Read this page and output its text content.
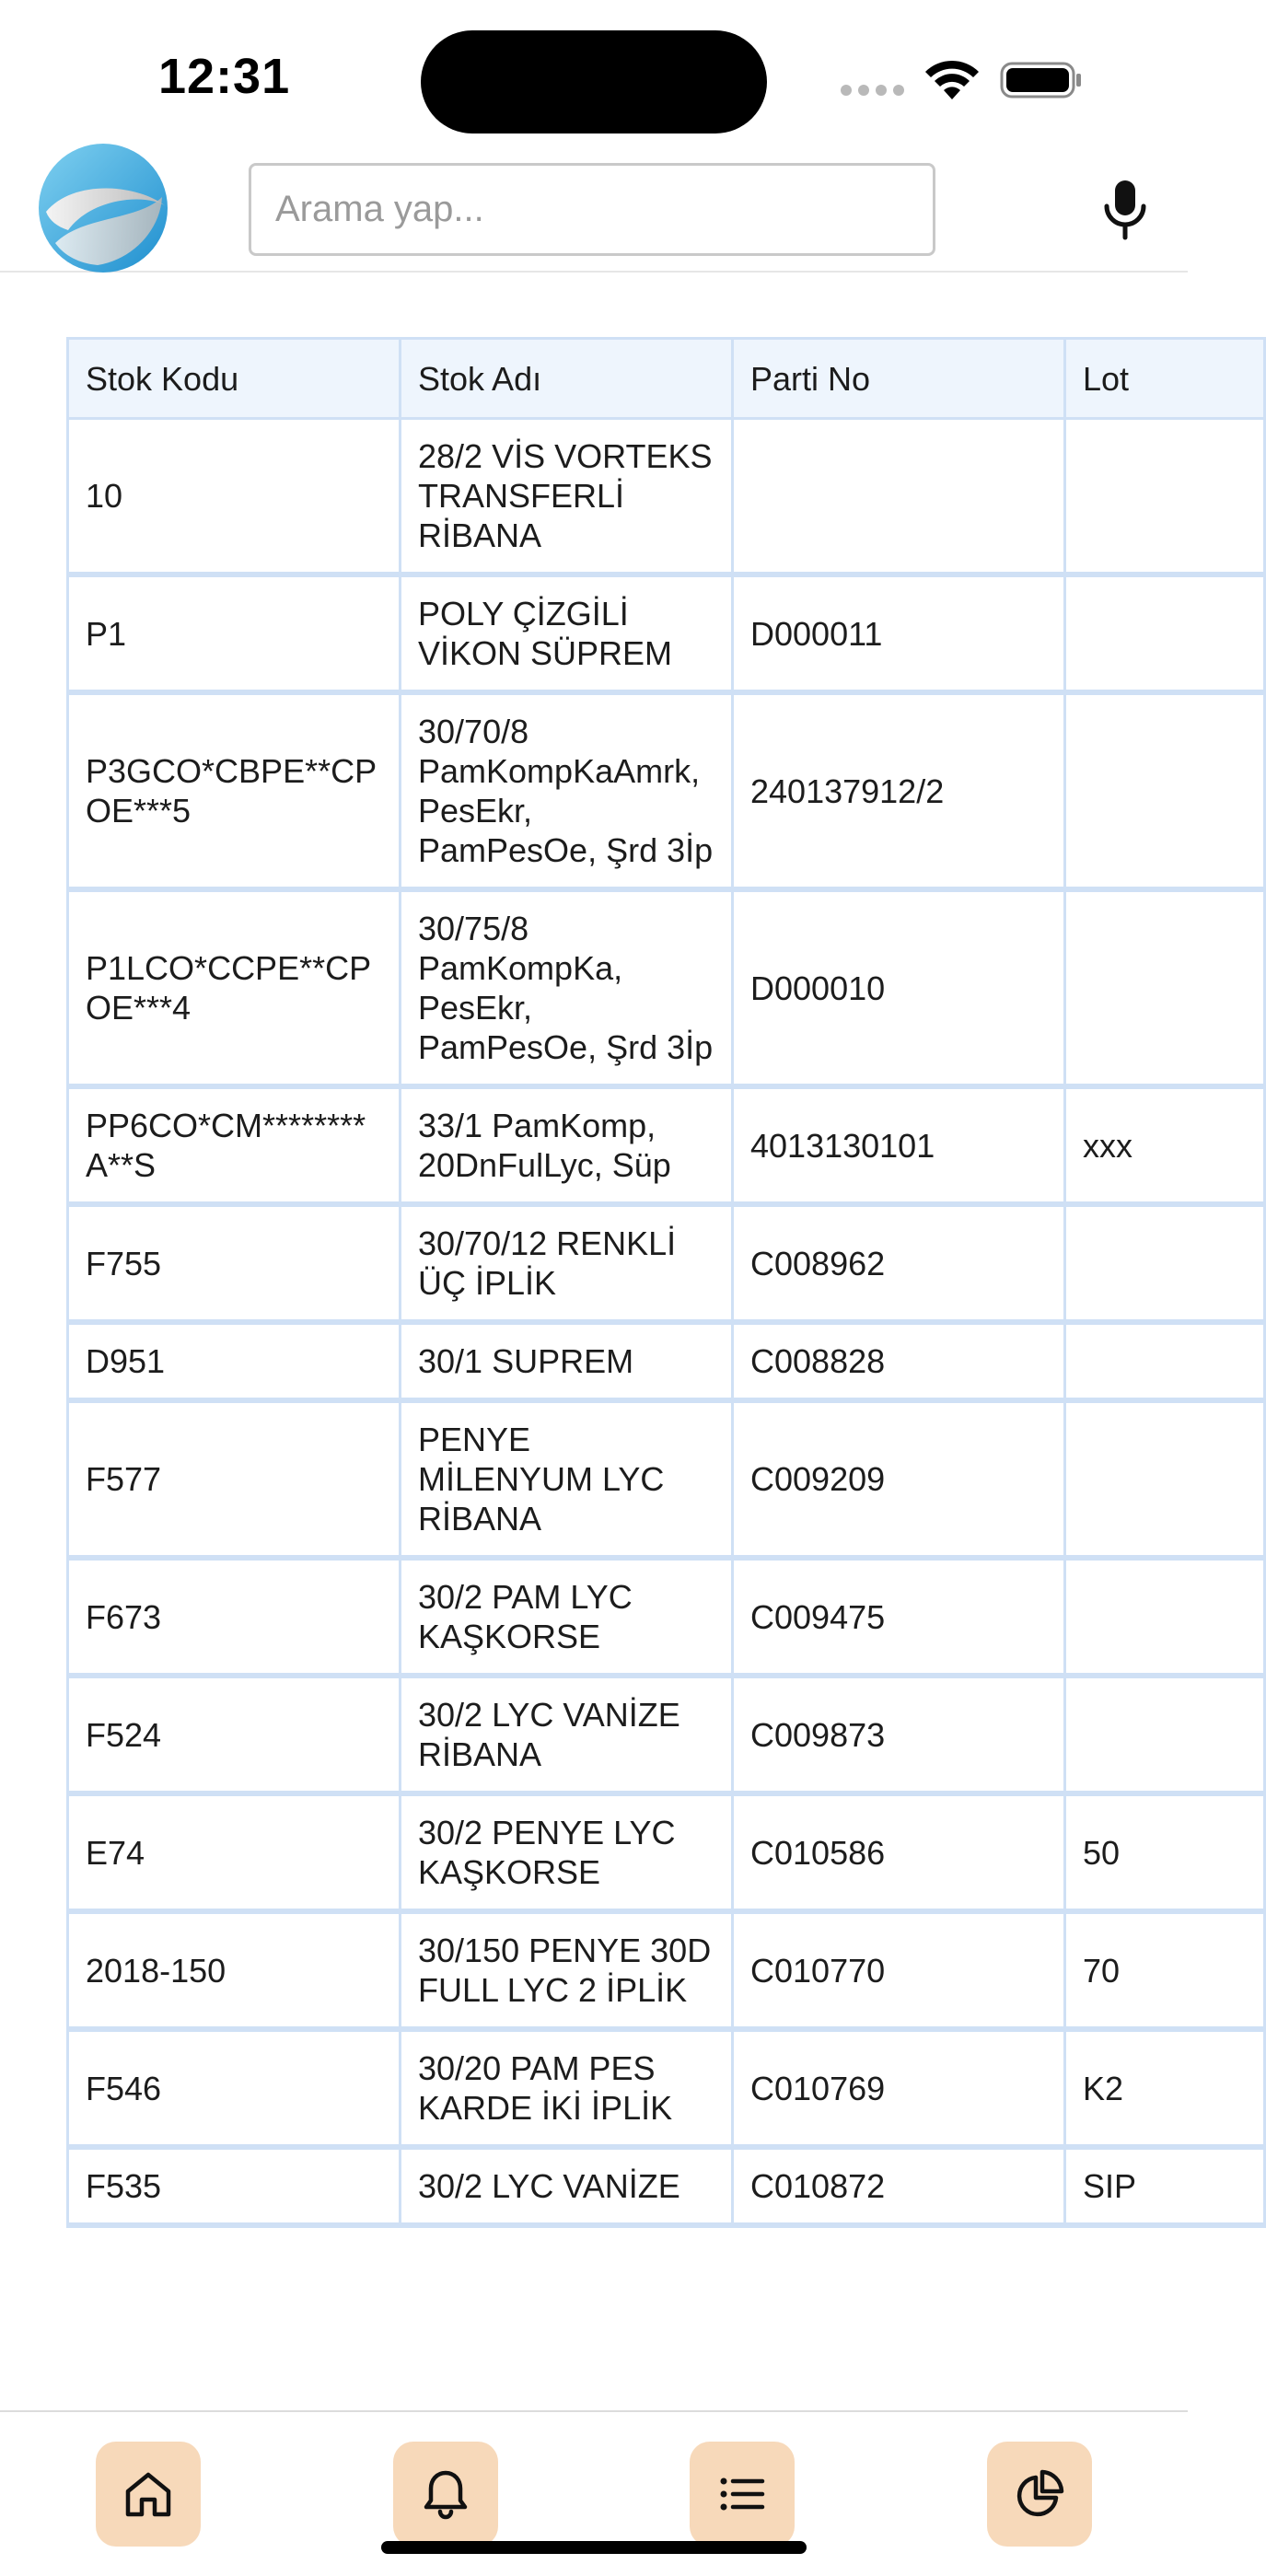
12:31
Arama yap...
Stok Kodu	Stok Adı	Parti No	Lot
10	28/2 VİS VORTEKS TRANSFERLİ RİBANA		
P1	POLY ÇİZGİLİ VİKON SÜPREM	D000011	
P3GCO*CBPE**CPOE***5	30/70/8 PamKompKaAmrk, PesEkr, PamPesOe, Şrd 3İp	240137912/2	
P1LCO*CCPE**CPOE***4	30/75/8 PamKompKa, PesEkr, PamPesOe, Şrd 3İp	D000010	
PP6CO*CM********A**S	33/1 PamKomp, 20DnFulLyc, Süp	4013130101	xxx
F755	30/70/12 RENKLİ ÜÇ İPLİK	C008962	
D951	30/1 SUPREM	C008828	
F577	PENYE MİLENYUM LYC RİBANA	C009209	
F673	30/2 PAM LYC KAŞKORSE	C009475	
F524	30/2 LYC VANİZE RİBANA	C009873	
E74	30/2 PENYE LYC KAŞKORSE	C010586	50
2018-150	30/150 PENYE 30D FULL LYC 2 İPLİK	C010770	70
F546	30/20 PAM PES KARDE İKİ İPLİK	C010769	K2
F535	30/2 LYC VANİZE	C010872	SIP
